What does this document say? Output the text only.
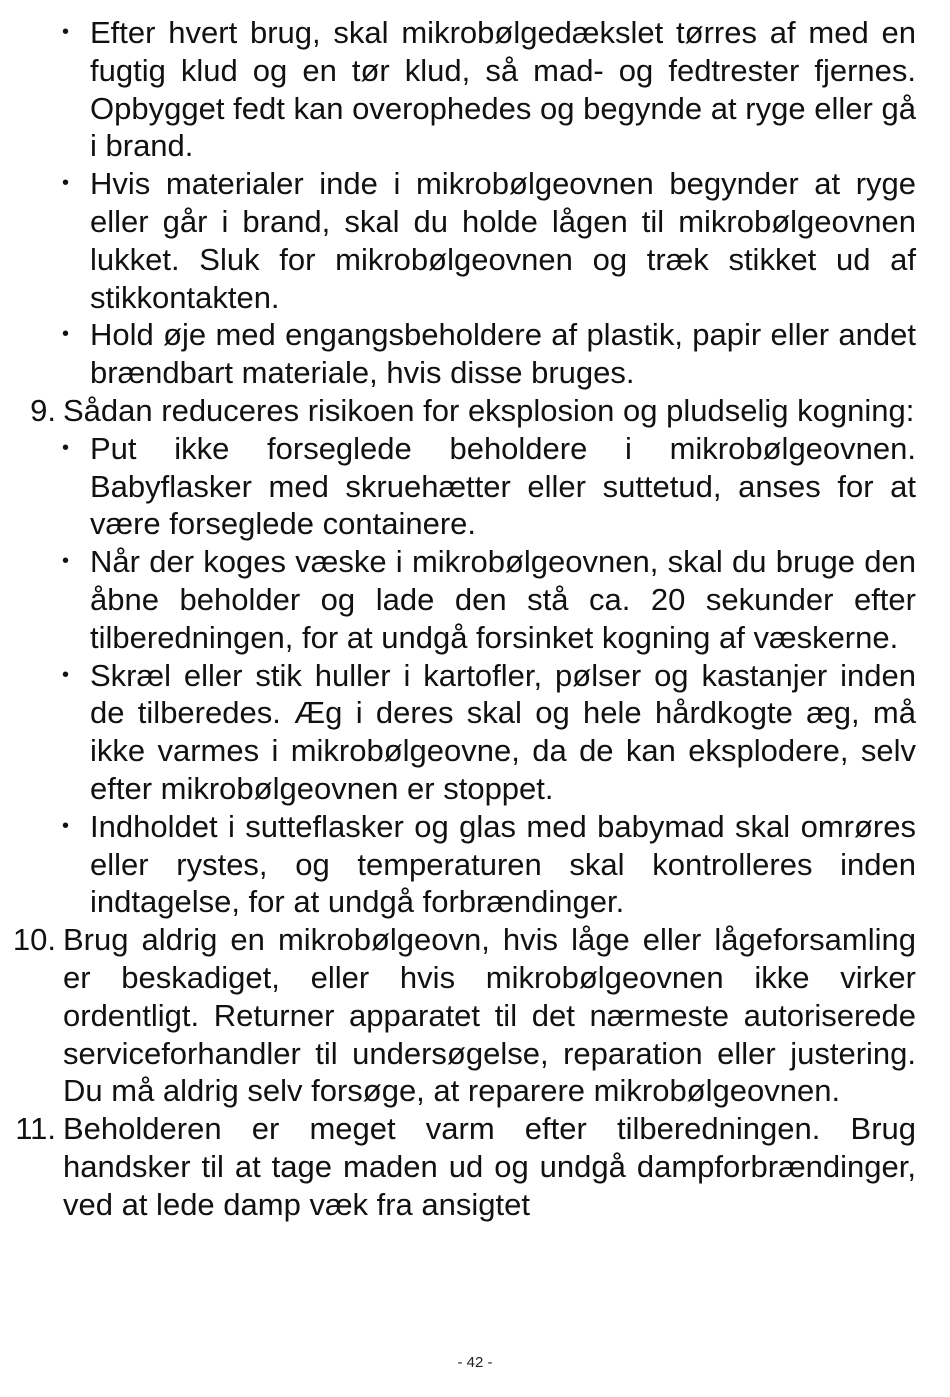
• Efter hvert brug, skal mikrobølgedækslet tørres af med en fugtig klud og en tør klud, så mad- og fedtrester fjernes. Opbygget fedt kan overophedes og begynde at ryge eller gå i brand.
• Hvis materialer inde i mikrobølgeovnen begynder at ryge eller går i brand, skal du holde lågen til mikrobølgeovnen lukket. Sluk for mikrobølgeovnen og træk stikket ud af stikkontakten.
• Hold øje med engangsbeholdere af plastik, papir eller andet brændbart materiale, hvis disse bruges.
9. Sådan reduceres risikoen for eksplosion og pludselig kogning:
• Put ikke forseglede beholdere i mikrobølgeovnen. Babyflasker med skruehætter eller suttetud, anses for at være forseglede containere.
• Når der koges væske i mikrobølgeovnen, skal du bruge den åbne beholder og lade den stå ca. 20 sekunder efter tilberedningen, for at undgå forsinket kogning af væskerne.
• Skræl eller stik huller i kartofler, pølser og kastanjer inden de tilberedes. Æg i deres skal og hele hårdkogte æg, må ikke varmes i mikrobølgeovne, da de kan eksplodere, selv efter mikrobølgeovnen er stoppet.
• Indholdet i sutteflasker og glas med babymad skal omrøres eller rystes, og temperaturen skal kontrolleres inden indtagelse, for at undgå forbrændinger.
10. Brug aldrig en mikrobølgeovn, hvis låge eller lågeforsamling er beskadiget, eller hvis mikrobølgeovnen ikke virker ordentligt. Returner apparatet til det nærmeste autoriserede serviceforhandler til undersøgelse, reparation eller justering. Du må aldrig selv forsøge, at reparere mikrobølgeovnen.
11. Beholderen er meget varm efter tilberedningen. Brug handsker til at tage maden ud og undgå dampforbrændinger, ved at lede damp væk fra ansigtet
- 42 -
